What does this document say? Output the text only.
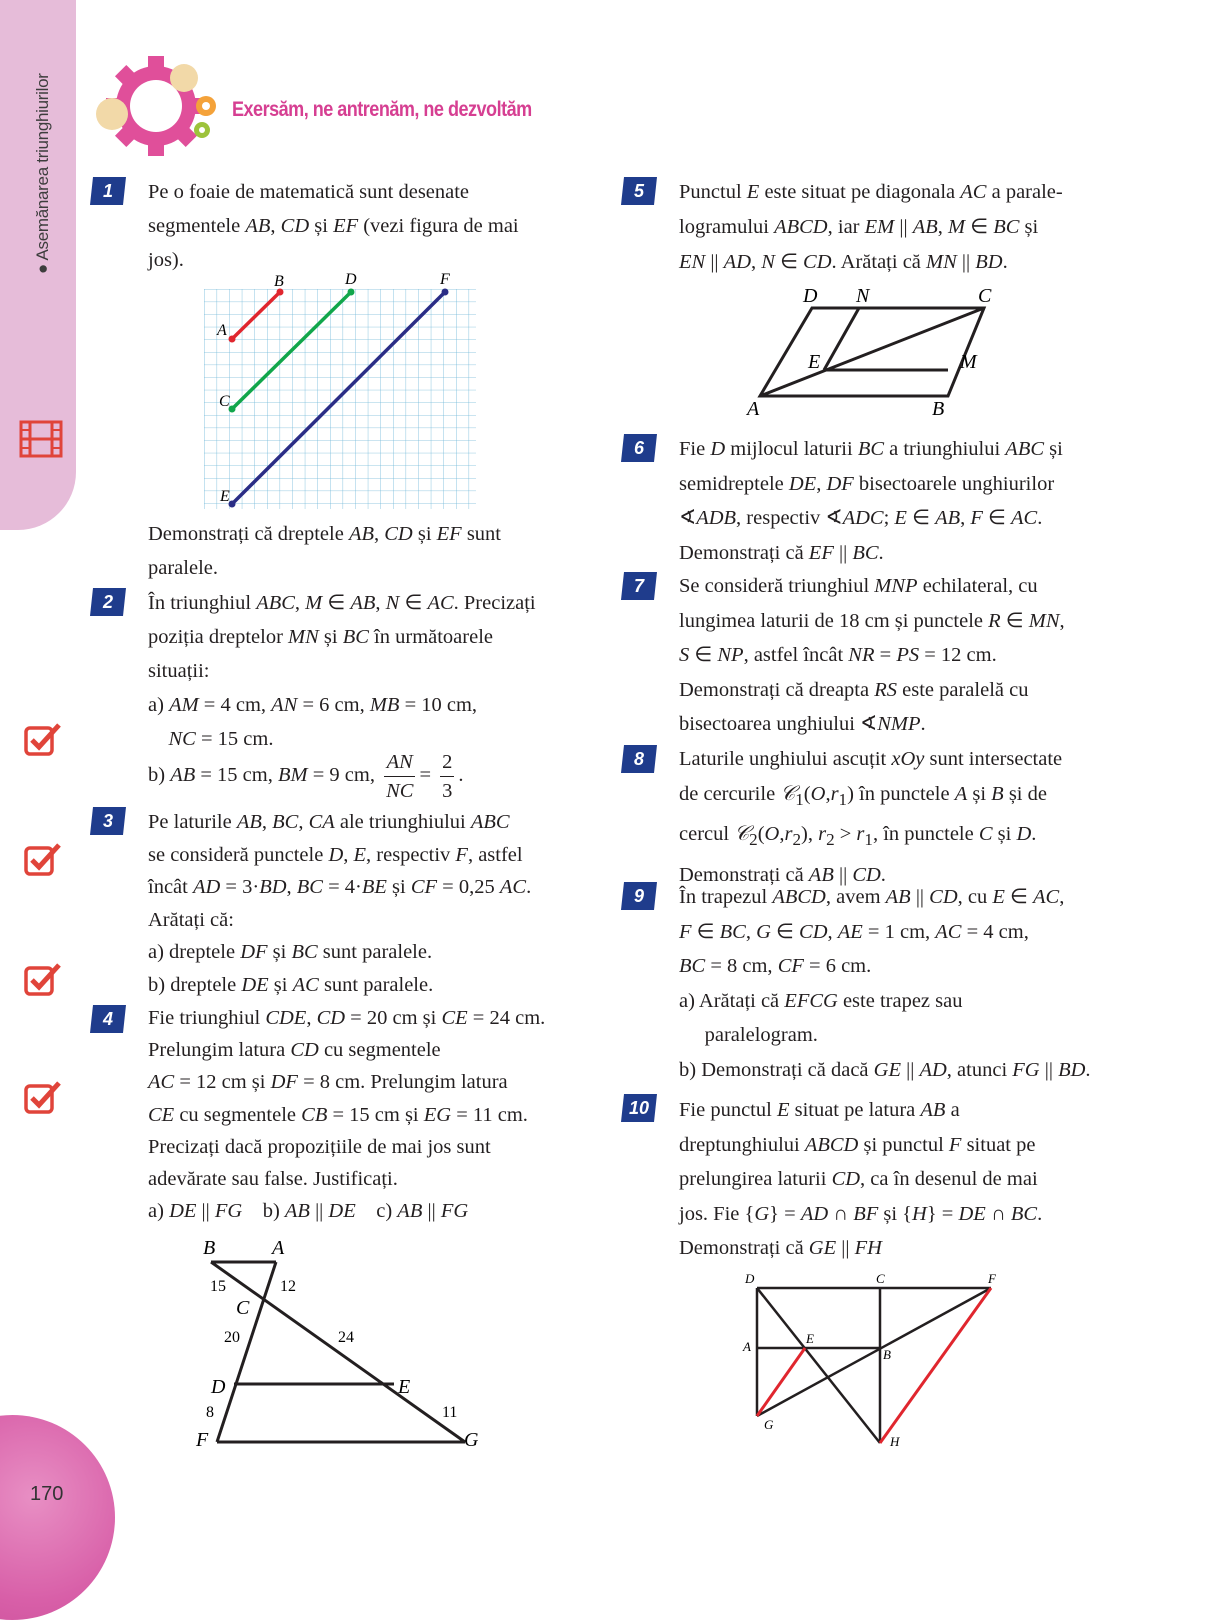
● Asemănarea triunghiurilor
170
Exersăm, ne antrenăm, ne dezvoltăm
1
2
3
4
5
6
7
8
9
10

Pe o foaie de matematică sunt desenate

segmentele AB, CD și EF (vezi figura de mai

jos).

A
B
C
D
E
F

Demonstrați că dreptele AB, CD și EF sunt

paralele.

În triunghiul ABC, M ∈ AB, N ∈ AC. Precizați

poziția dreptelor MN și BC în următoarele

situații:

a) AM = 4 cm, AN = 6 cm, MB = 10 cm,

NC = 15 cm.

b) AB = 15 cm, BM = 9 cm, $\frac{AN}{NC} = \frac{2}{3}$ .

Pe laturile AB, BC, CA ale triunghiului ABC

se consideră punctele D, E, respectiv F, astfel

încât AD = 3·BD, BC = 4·BE și CF = 0,25 AC.

Arătați că:

a) dreptele DF și BC sunt paralele.

b) dreptele DE și AC sunt paralele.

Fie triunghiul CDE, CD = 20 cm și CE = 24 cm.

Prelungim latura CD cu segmentele

AC = 12 cm și DF = 8 cm. Prelungim latura

CE cu segmentele CB = 15 cm și EG = 11 cm.

Precizați dacă propozițiile de mai jos sunt

adevărate sau false. Justificați.

a) DE || FG    b) AB || DE    c) AB || FG

B	A
C
D	E
F	G
15	12
20	24
8	11

Punctul E este situat pe diagonala AC a parale-

logramului ABCD, iar EM || AB, M ∈ BC și

EN || AD, N ∈ CD. Arătați că MN || BD.

D N	C
E	M
A	B

Fie D mijlocul laturii BC a triunghiului ABC și

semidreptele DE, DF bisectoarele unghiurilor

∢ADB, respectiv ∢ADC; E ∈ AB, F ∈ AC.

Demonstrați că EF || BC.

Se consideră triunghiul MNP echilateral, cu

lungimea laturii de 18 cm și punctele R ∈ MN,

S ∈ NP, astfel încât NR = PS = 12 cm.

Demonstrați că dreapta RS este paralelă cu

bisectoarea unghiului ∢NMP.

Laturile unghiului ascuțit xOy sunt intersectate

de cercurile $𝒞_1(O,r_1)$ în punctele A și B și de

cercul $𝒞_2(O,r_2)$, $r_2 > r_1$, în punctele C și D.

Demonstrați că AB || CD.

În trapezul ABCD, avem AB || CD, cu E ∈ AC,

F ∈ BC, G ∈ CD, AE = 1 cm, AC = 4 cm,

BC = 8 cm, CF = 6 cm.

a) Arătați că EFCG este trapez sau

paralelogram.

b) Demonstrați că dacă GE || AD, atunci FG || BD.

Fie punctul E situat pe latura AB a

dreptunghiului ABCD și punctul F situat pe

prelungirea laturii CD, ca în desenul de mai

jos. Fie {G} = AD ∩ BF și {H} = DE ∩ BC.

Demonstrați că GE || FH

D	C	F
A
E
B
G
H
